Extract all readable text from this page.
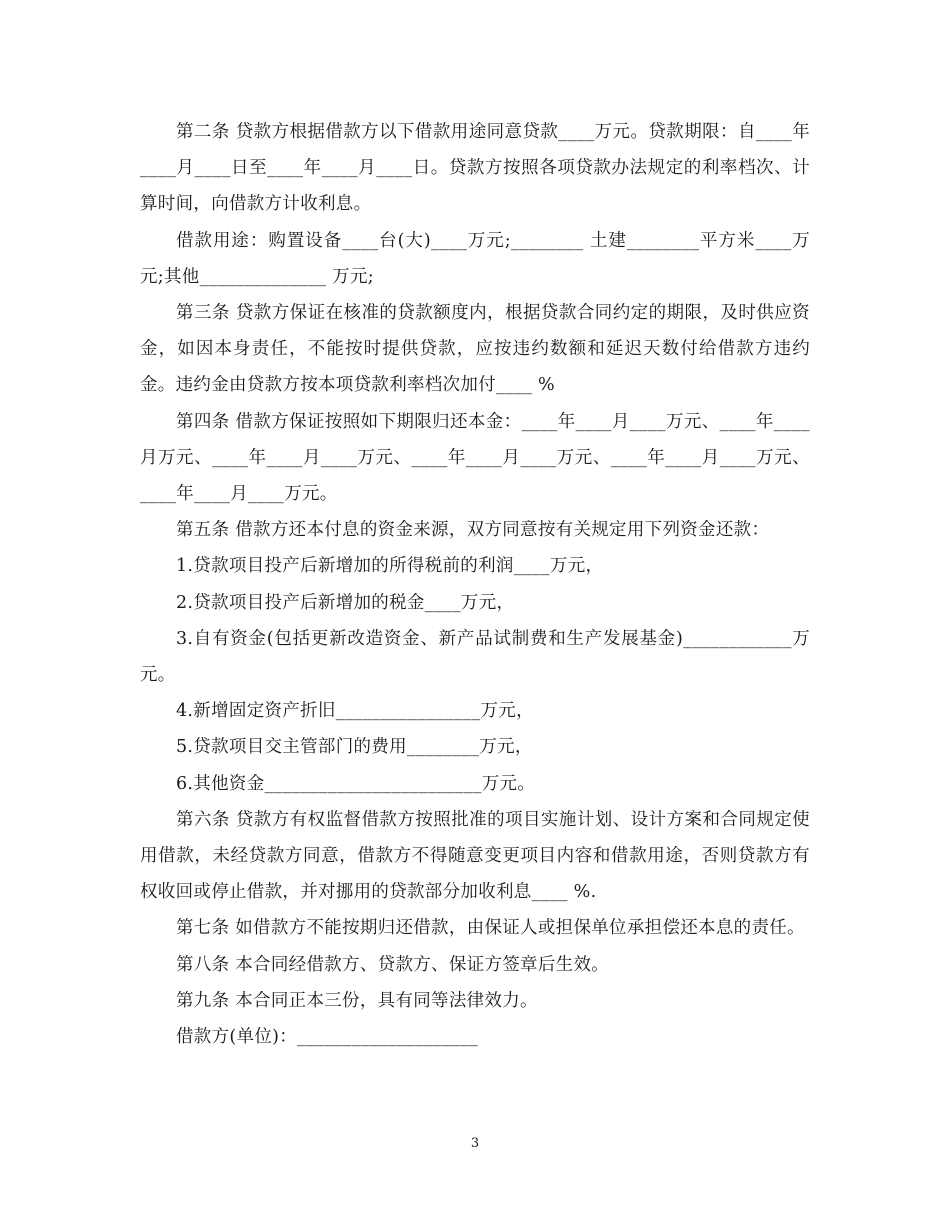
第二条 贷款方根据借款方以下借款用途同意贷款____万元。贷款期限：自____年____月____日至____年____月____日。贷款方按照各项贷款办法规定的利率档次、计算时间，向借款方计收利息。

借款用途：购置设备____台(大)____万元;________ 土建________平方米____万元;其他______________ 万元;

第三条 贷款方保证在核准的贷款额度内，根据贷款合同约定的期限，及时供应资金，如因本身责任，不能按时提供贷款，应按违约数额和延迟天数付给借款方违约金。违约金由贷款方按本项贷款利率档次加付____ %

第四条 借款方保证按照如下期限归还本金：____年____月____万元、____年____月万元、____年____月____万元、____年____月____万元、____年____月____万元、____年____月____万元。

第五条 借款方还本付息的资金来源，双方同意按有关规定用下列资金还款：

1.贷款项目投产后新增加的所得税前的利润____万元，

2.贷款项目投产后新增加的税金____万元，

3.自有资金(包括更新改造资金、新产品试制费和生产发展基金)____________万元。

4.新增固定资产折旧________________万元，

5.贷款项目交主管部门的费用________万元，

6.其他资金________________________万元。

第六条 贷款方有权监督借款方按照批准的项目实施计划、设计方案和合同规定使用借款，未经贷款方同意，借款方不得随意变更项目内容和借款用途，否则贷款方有权收回或停止借款，并对挪用的贷款部分加收利息____ %.

第七条 如借款方不能按期归还借款，由保证人或担保单位承担偿还本息的责任。

第八条 本合同经借款方、贷款方、保证方签章后生效。

第九条 本合同正本三份，具有同等法律效力。

借款方(单位)：____________________

3
